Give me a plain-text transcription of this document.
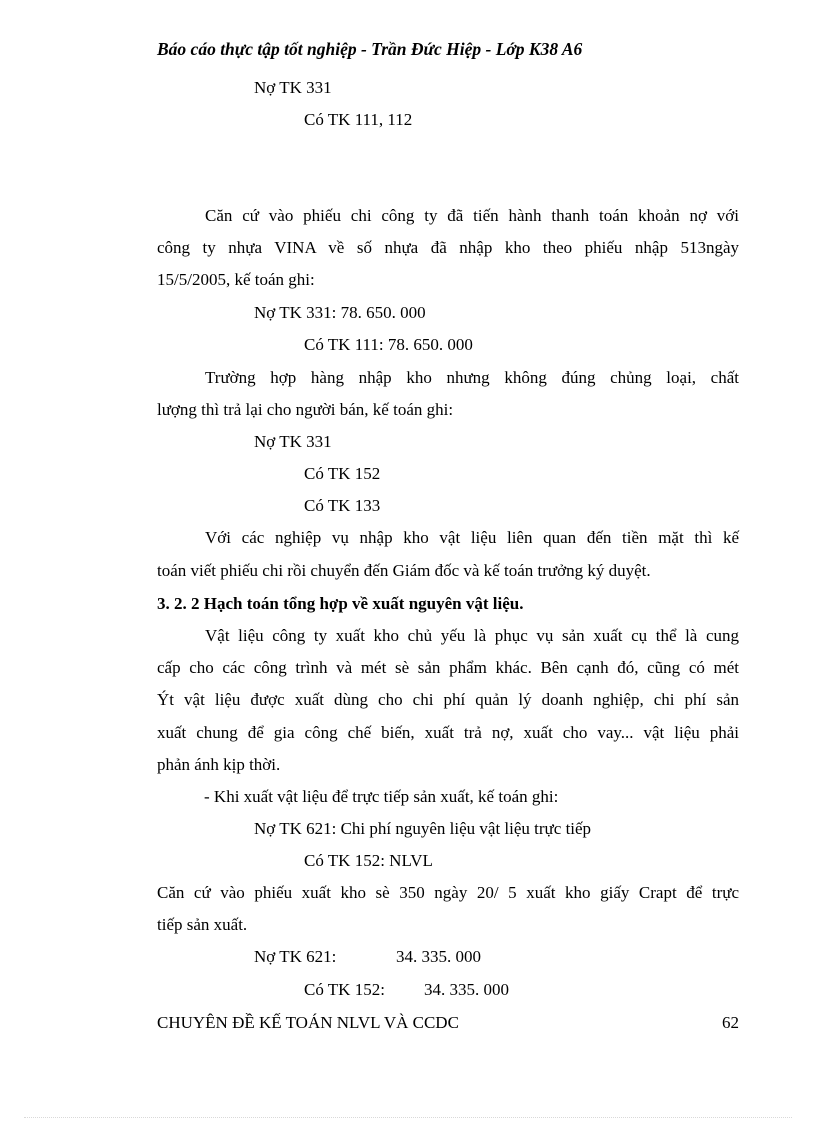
Báo cáo thực tập tốt nghiệp - Trần Đức Hiệp - Lớp K38 A6
Nợ TK 331
Có TK 111, 112
Căn cứ vào phiếu chi công ty đã tiến hành thanh toán khoản nợ với
công ty nhựa VINA về số nhựa đã nhập kho theo phiếu nhập 513ngày
15/5/2005, kế toán ghi:
Nợ TK 331: 78. 650. 000
Có TK 111: 78. 650. 000
Trường hợp hàng nhập kho nhưng không đúng chủng loại, chất
lượng thì trả lại cho người bán, kế toán ghi:
Nợ TK 331
Có TK 152
Có TK 133
Với các nghiệp vụ nhập kho vật liệu liên quan đến tiền mặt thì kế
toán viết phiếu chi rồi chuyển đến Giám đốc và kế toán trưởng ký duyệt.
3. 2. 2 Hạch toán tổng hợp về xuất nguyên vật liệu.
Vật liệu công ty xuất kho chủ yếu là phục vụ sản xuất cụ thể là cung
cấp cho các công trình và mét sè sản phẩm khác. Bên cạnh đó, cũng có mét
Ýt vật liệu được xuất dùng cho chi phí quản lý doanh nghiệp, chi phí sản
xuất chung để gia công chế biến, xuất trả nợ, xuất cho vay... vật liệu phải
phản ánh kịp thời.
- Khi xuất vật liệu để trực tiếp sản xuất, kế toán ghi:
Nợ TK 621: Chi phí nguyên liệu vật liệu trực tiếp
Có TK 152: NLVL
Căn cứ vào phiếu xuất kho sè 350 ngày 20/ 5 xuất kho giấy Crapt để trực
tiếp sản xuất.
Nợ TK 621:	34. 335. 000
Có TK 152: 34. 335. 000
CHUYÊN ĐỀ KẾ TOÁN NLVL VÀ CCDC	62
